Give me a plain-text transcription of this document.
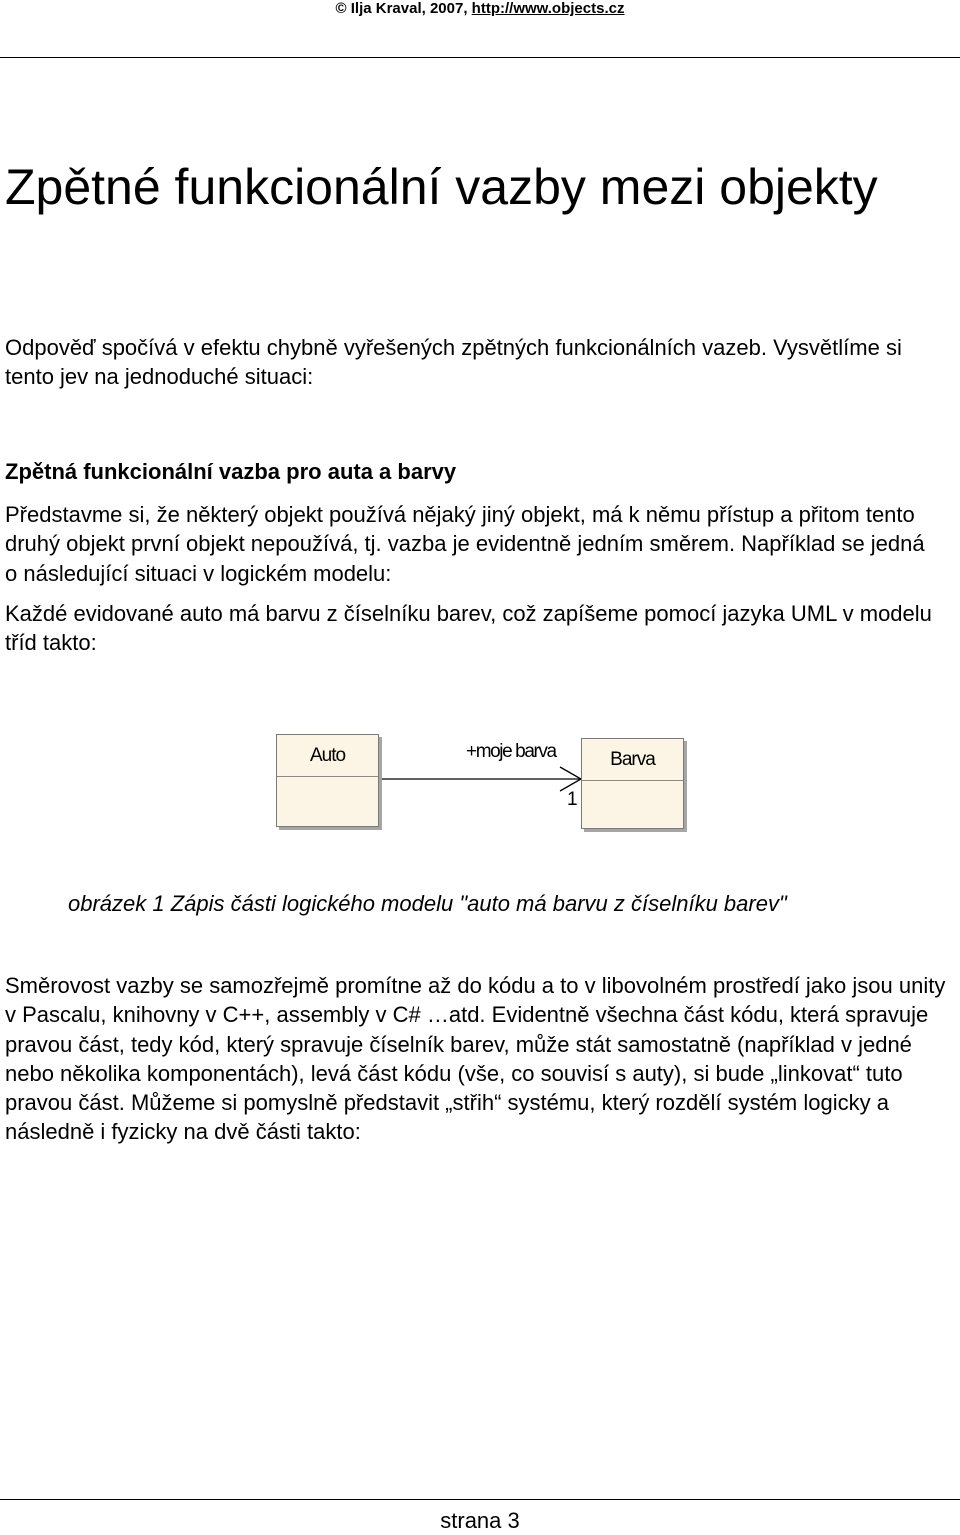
© Ilja Kraval, 2007, http://www.objects.cz
Zpětné funkcionální vazby mezi objekty

Odpověď spočívá v efektu chybně vyřešených zpětných funkcionálních vazeb. Vysvětlíme si tento jev na jednoduché situaci:

Zpětná funkcionální vazba pro auta a barvy

Představme si, že některý objekt používá nějaký jiný objekt, má k němu přístup a přitom tento druhý objekt první objekt nepoužívá, tj. vazba je evidentně jedním směrem. Například se jedná o následující situaci v logickém modelu:

Každé evidované auto má barvu z číselníku barev, což zapíšeme pomocí jazyka UML v modelu tříd takto:

Auto	Barva
+moje barva
1

obrázek 1 Zápis části logického modelu "auto má barvu z číselníku barev"

Směrovost vazby se samozřejmě promítne až do kódu a to v libovolném prostředí jako jsou unity v Pascalu, knihovny v C++, assembly v C# …atd. Evidentně všechna část kódu, která spravuje pravou část, tedy kód, který spravuje číselník barev, může stát samostatně (například v jedné nebo několika komponentách), levá část kódu (vše, co souvisí s auty), si bude „linkovat“ tuto pravou část. Můžeme si pomyslně představit „střih“ systému, který rozdělí systém logicky a následně i fyzicky na dvě části takto:

strana 3
